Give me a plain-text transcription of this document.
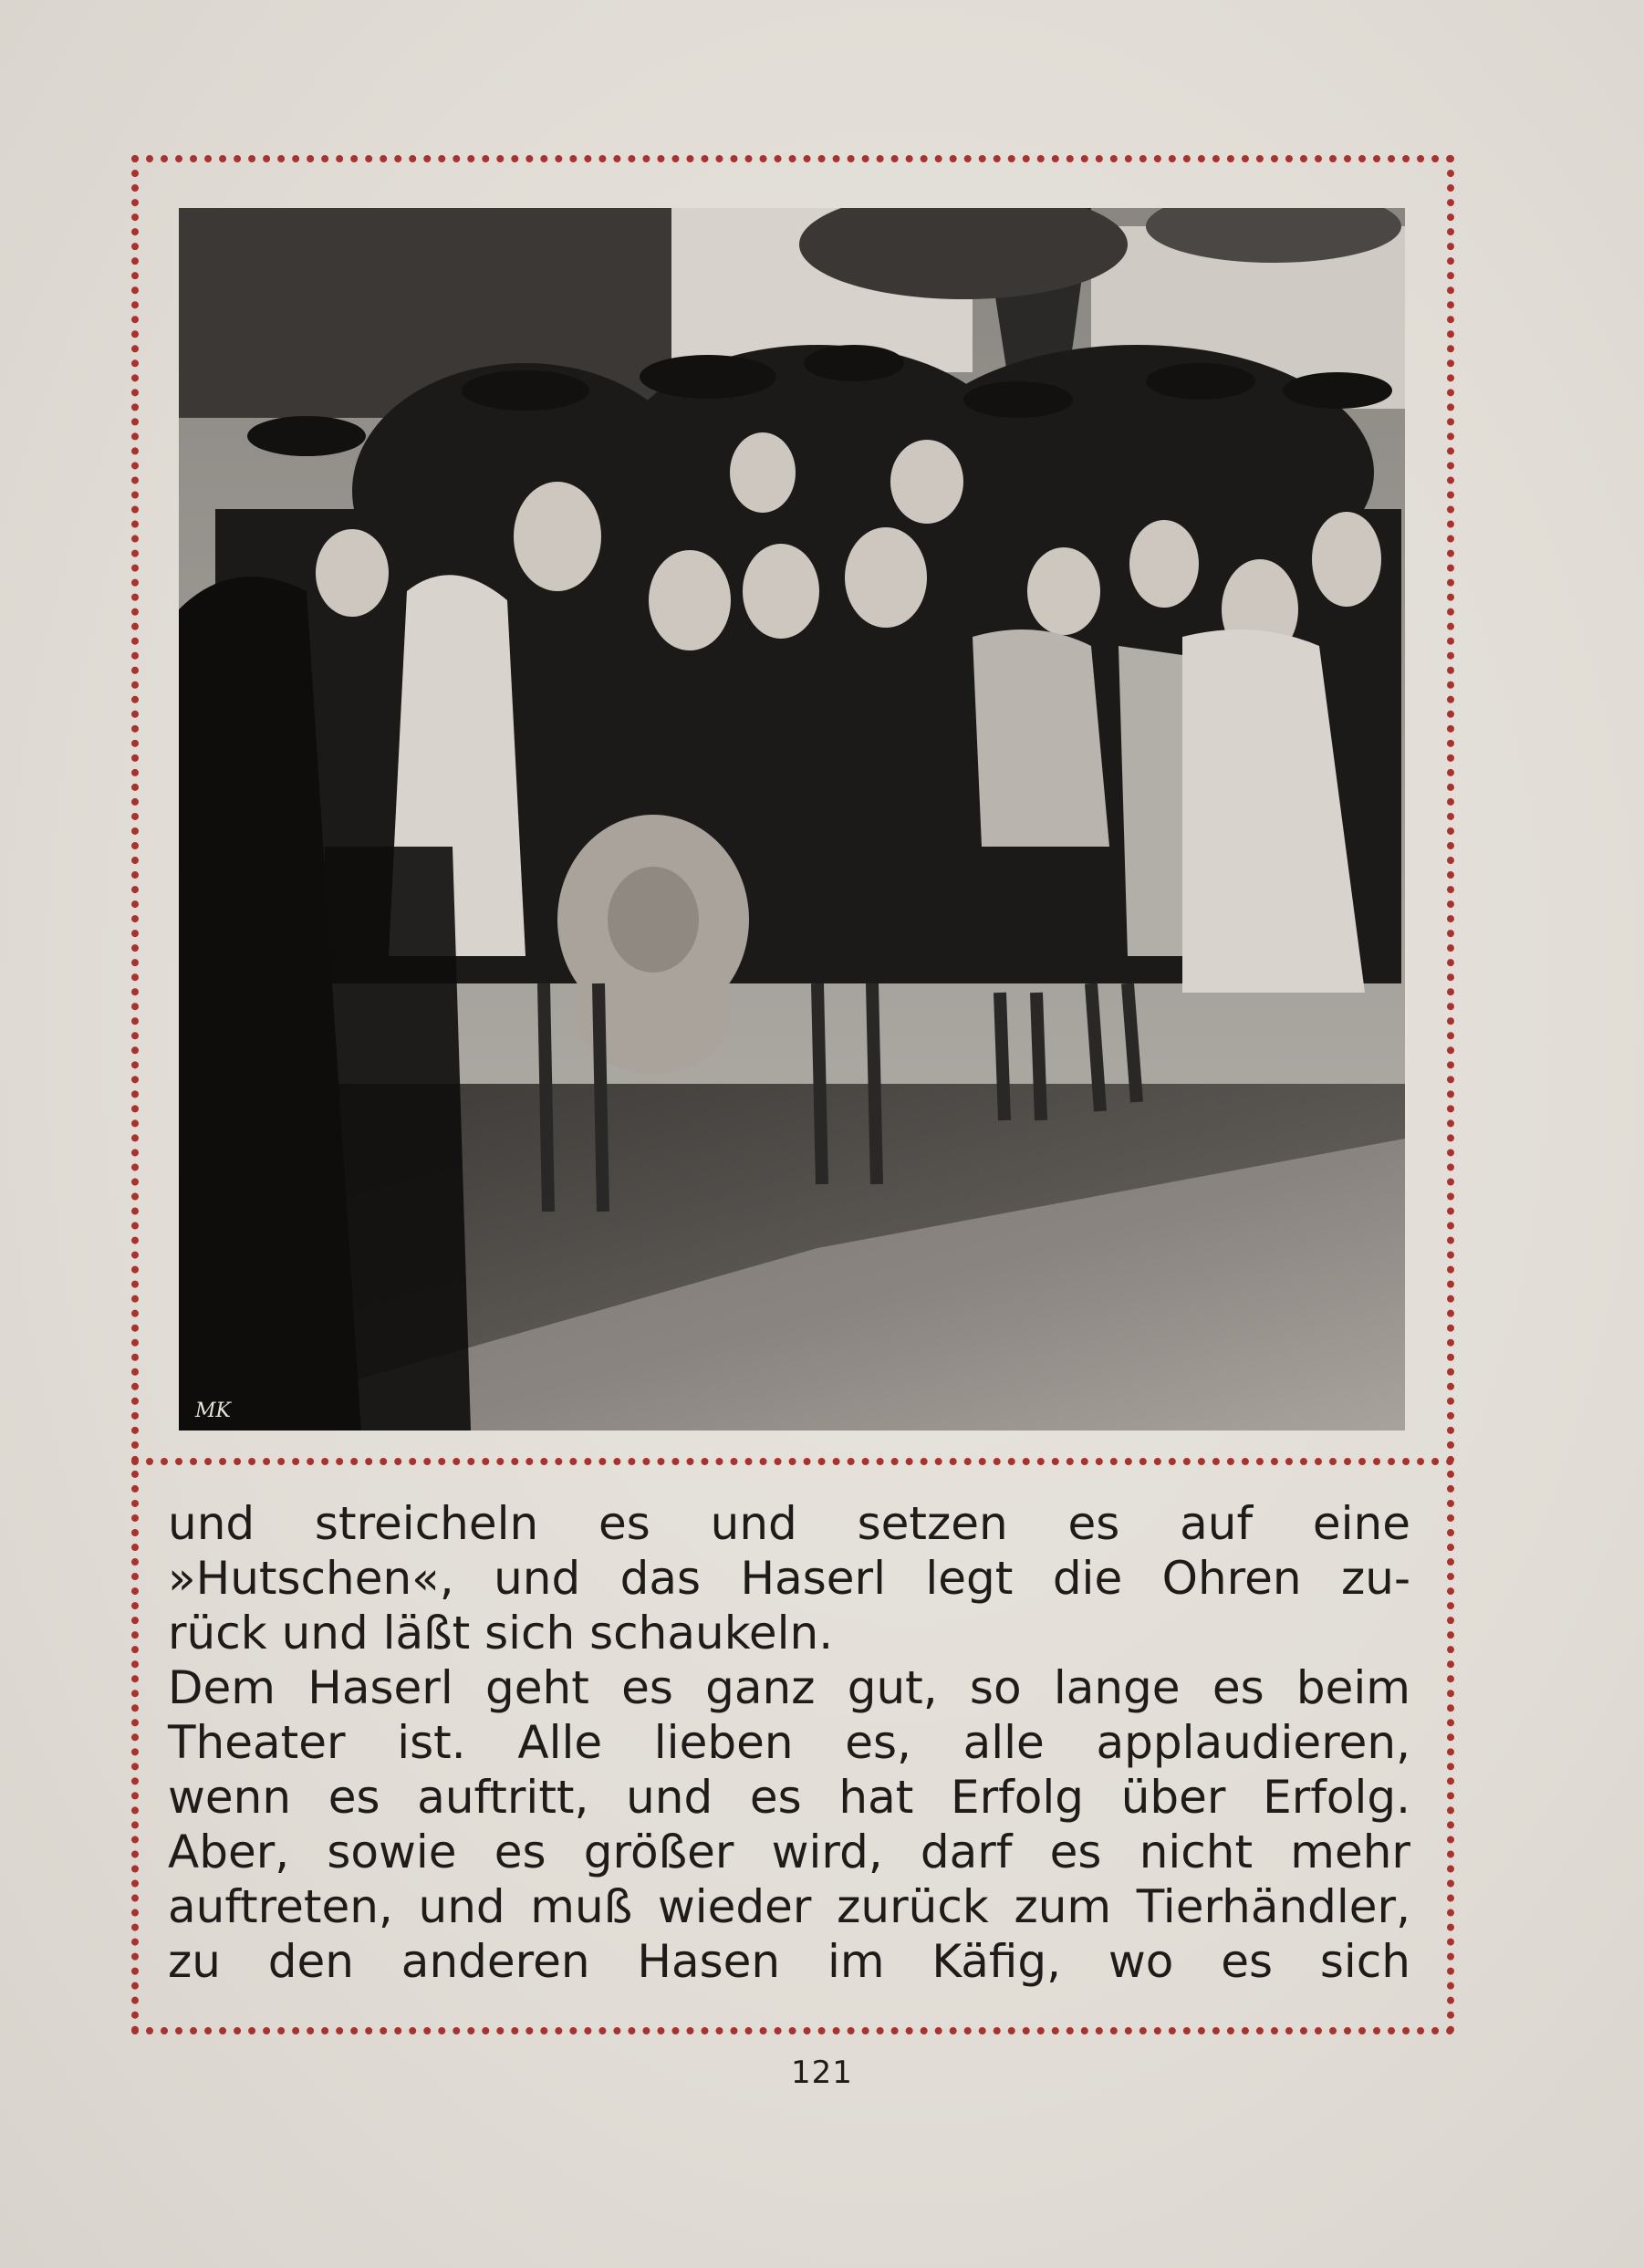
MK
und streicheln es und setzen es auf eine
»Hutschen«, und das Haserl legt die Ohren zu-
rück und läßt sich schaukeln.
Dem Haserl geht es ganz gut, so lange es beim
Theater ist. Alle lieben es, alle applaudieren,
wenn es auftritt, und es hat Erfolg über Erfolg.
Aber, sowie es größer wird, darf es nicht mehr
auftreten, und muß wieder zurück zum Tierhändler,
zu den anderen Hasen im Käfig, wo es sich
121
